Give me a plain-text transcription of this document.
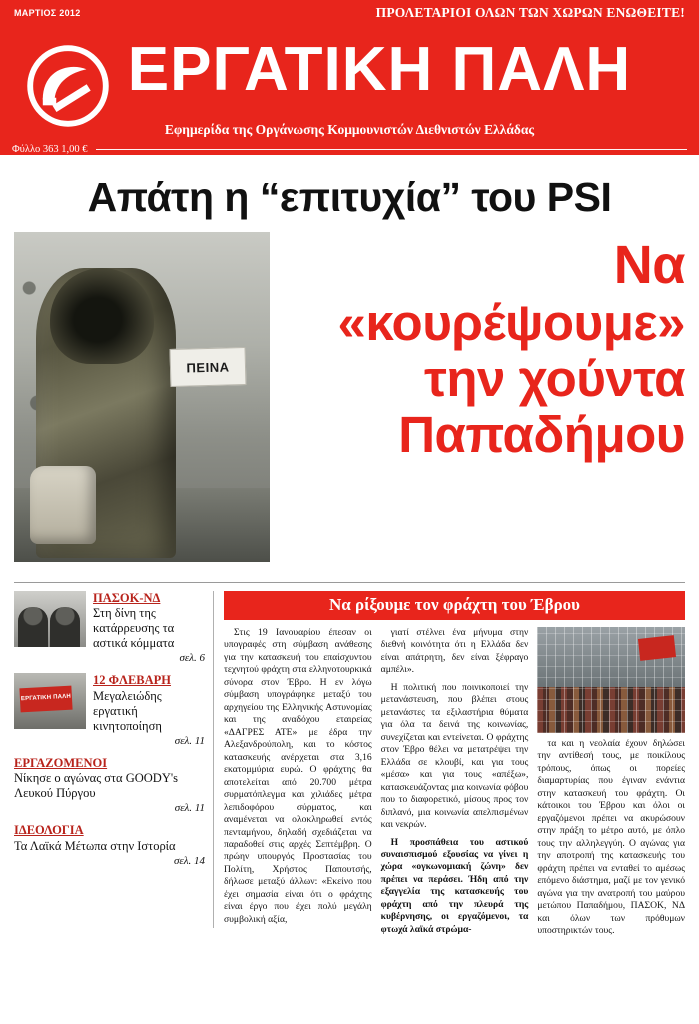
ΜΑΡΤΙΟΣ 2012	ΠΡΟΛΕΤΑΡΙΟΙ ΟΛΩΝ ΤΩΝ ΧΩΡΩΝ ΕΝΩΘΕΙΤΕ!
ΕΡΓΑΤΙΚΗ ΠΑΛΗ
Εφημερίδα της Οργάνωσης Κομμουνιστών Διεθνιστών Ελλάδας
Φύλλο 363 1,00 €
Απάτη η “επιτυχία” του PSI
ΠΕΙΝΑ
Να
«κουρέψουμε»
την χούντα
Παπαδήμου
ΠΑΣΟΚ-ΝΔ
Στη δίνη της κατάρρευσης τα αστικά κόμματα
σελ. 6
ΕΡΓΑΤΙΚΗ ΠΑΛΗ
12 ΦΛΕΒΑΡΗ
Μεγαλειώδης εργατική κινητοποίηση
σελ. 11
ΕΡΓΑΖΟΜΕΝΟΙ
Νίκησε ο αγώνας στα GOODY's Λευκού Πύργου
σελ. 11
ΙΔΕΟΛΟΓΙΑ
Τα Λαϊκά Μέτωπα στην Ιστορία
σελ. 14
Να ρίξουμε τον φράχτη του Έβρου

Στις 19 Ιανουαρίου έπεσαν οι υπογραφές στη σύμβαση ανάθεσης για την κατασκευή του επαίσχυντου τεχνητού φράχτη στα ελληνοτουρκικά σύνορα στον Έβρο. Η εν λόγω σύμβαση υπογράφηκε μεταξύ του αρχηγείου της Ελληνικής Αστυνομίας και της αναδόχου εταιρείας «ΔΑΓΡΕΣ ΑΤΕ» με έδρα την Αλεξανδρούπολη, και το κόστος κατασκευής ανέρχεται στα 3,16 εκατομμύρια ευρώ. Ο φράχτης θα αποτελείται από 20.700 μέτρα συρματόπλεγμα και χιλιάδες μέτρα λεπιδοφόρου σύρματος, και αναμένεται να ολοκληρωθεί εντός πενταμήνου, δηλαδή σχεδιάζεται να παραδοθεί στις αρχές Σεπτέμβρη. Ο πρώην υπουργός Προστασίας του Πολίτη, Χρήστος Παπουτσής, δήλωσε μεταξύ άλλων: «Εκείνο που έχει σημασία είναι ότι ο φράχτης είναι έργο που έχει πολύ μεγάλη συμβολική αξία,

γιατί στέλνει ένα μήνυμα στην διεθνή κοινότητα ότι η Ελλάδα δεν είναι απάτρητη, δεν είναι ξέφραγο αμπέλι».

Η πολιτική που ποινικοποιεί την μετανάστευση, που βλέπει στους μετανάστες τα εξιλαστήρια θύματα για όλα τα δεινά της κοινωνίας, συνεχίζεται και εντείνεται. Ο φράχτης στον Έβρο θέλει να μετατρέψει την Ελλάδα σε κλουβί, και για τους «μέσα» και για τους «απέξω», κατασκευάζοντας μια κοινωνία φόβου που το διαφορετικό, μίσους προς τον διπλανό, μια κοινωνία απελπισμένων και νεκρών.

Η προσπάθεια του αστικού συναισπισμού εξουσίας να γίνει η χώρα «ογκωνομιακή ζώνη» δεν πρέπει να περάσει. Ήδη από την εξαγγελία της κατασκευής του φράχτη από την πλευρά της κυβέρνησης, οι εργαζόμενοι, τα φτωχά λαϊκά στρώμα-

τα και η νεολαία έχουν δηλώσει την αντίθεσή τους, με ποικίλους τρόπους, όπως οι πορείες διαμαρτυρίας που έγιναν ενάντια στην κατασκευή του φράχτη. Οι κάτοικοι του Έβρου και όλοι οι εργαζόμενοι πρέπει να ακυρώσουν στην πράξη το μέτρο αυτό, με όπλο τους την αλληλεγγύη. Ο αγώνας για την αποτροπή της κατασκευής του φράχτη πρέπει να ενταθεί το αμέσως επόμενο διάστημα, μαζί με τον γενικό αγώνα για την ανατροπή του μαύρου μετώπου Παπαδήμου, ΠΑΣΟΚ, ΝΔ και όλων των πρόθυμων υποστηρικτών τους.
